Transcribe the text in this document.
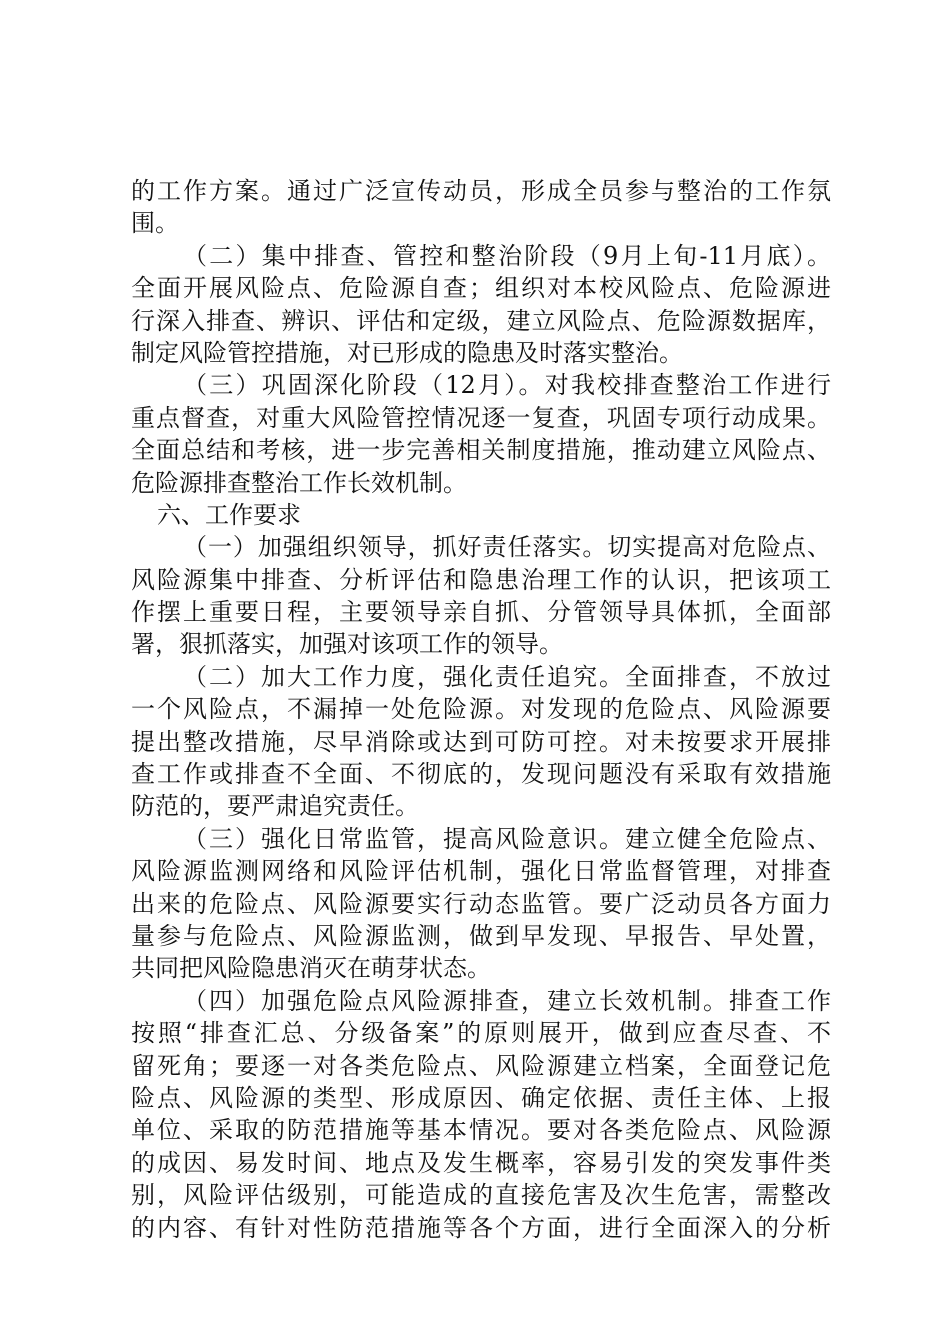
的工作方案。通过广泛宣传动员，形成全员参与整治的工作氛
围。
（二）集中排查、管控和整治阶段（9月上旬-11月底）。
全面开展风险点、危险源自查；组织对本校风险点、危险源进
行深入排查、辨识、评估和定级，建立风险点、危险源数据库，
制定风险管控措施，对已形成的隐患及时落实整治。
（三）巩固深化阶段（12月）。对我校排查整治工作进行
重点督查，对重大风险管控情况逐一复查，巩固专项行动成果。
全面总结和考核，进一步完善相关制度措施，推动建立风险点、
危险源排查整治工作长效机制。
六、工作要求
（一）加强组织领导，抓好责任落实。切实提高对危险点、
风险源集中排查、分析评估和隐患治理工作的认识，把该项工
作摆上重要日程，主要领导亲自抓、分管领导具体抓，全面部
署，狠抓落实，加强对该项工作的领导。
（二）加大工作力度，强化责任追究。全面排查，不放过
一个风险点，不漏掉一处危险源。对发现的危险点、风险源要
提出整改措施，尽早消除或达到可防可控。对未按要求开展排
查工作或排查不全面、不彻底的，发现问题没有采取有效措施
防范的，要严肃追究责任。
（三）强化日常监管，提高风险意识。建立健全危险点、
风险源监测网络和风险评估机制，强化日常监督管理，对排查
出来的危险点、风险源要实行动态监管。要广泛动员各方面力
量参与危险点、风险源监测，做到早发现、早报告、早处置，
共同把风险隐患消灭在萌芽状态。
（四）加强危险点风险源排查，建立长效机制。排查工作
按照“排查汇总、分级备案”的原则展开，做到应查尽查、不
留死角；要逐一对各类危险点、风险源建立档案，全面登记危
险点、风险源的类型、形成原因、确定依据、责任主体、上报
单位、采取的防范措施等基本情况。要对各类危险点、风险源
的成因、易发时间、地点及发生概率，容易引发的突发事件类
别，风险评估级别，可能造成的直接危害及次生危害，需整改
的内容、有针对性防范措施等各个方面，进行全面深入的分析
